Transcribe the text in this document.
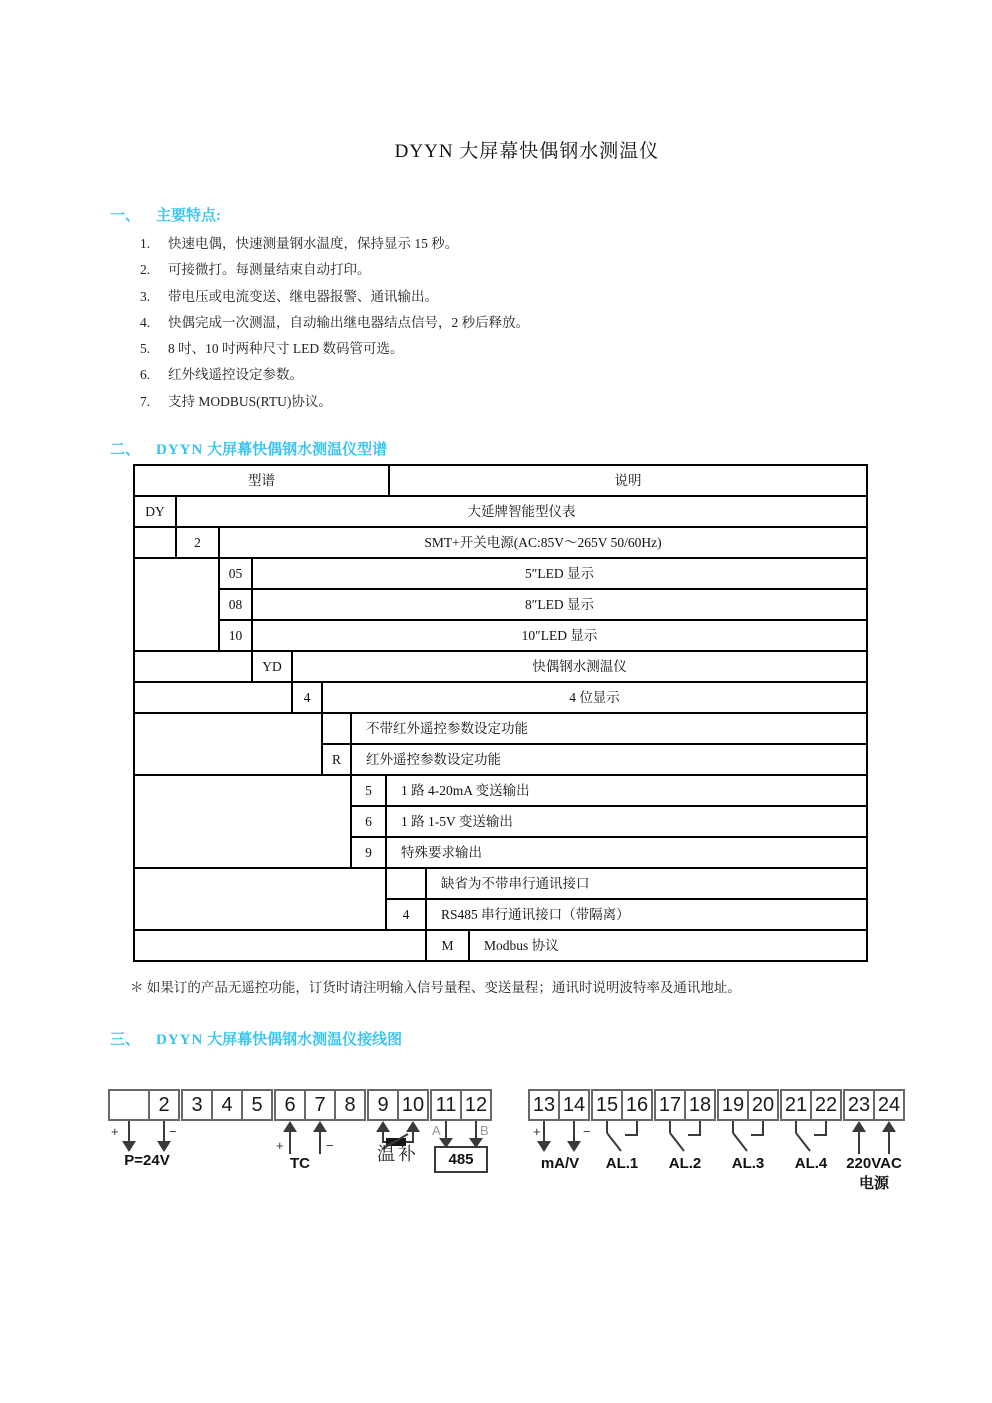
DYYN 大屏幕快偶钢水测温仪
一、 主要特点:
1.	快速电偶，快速测量钢水温度，保持显示 15 秒。
2.	可接微打。每测量结束自动打印。
3.	带电压或电流变送、继电器报警、通讯输出。
4.	快偶完成一次测温，自动输出继电器结点信号，2 秒后释放。
5.	8 吋、10 吋两种尺寸 LED 数码管可选。
6.	红外线遥控设定参数。
7.	支持 MODBUS(RTU)协议。
二、 DYYN 大屏幕快偶钢水测温仪型谱
型谱	说明
DY	大延牌智能型仪表
2	SMT+开关电源(AC:85V～265V 50/60Hz)
05	5″LED 显示
08	8″LED 显示
10	10″LED 显示
YD	快偶钢水测温仪
4	4 位显示
不带红外遥控参数设定功能
R	红外遥控参数设定功能
5	1 路 4-20mA 变送输出
6	1 路 1-5V 变送输出
9	特殊要求输出
缺省为不带串行通讯接口
4	RS485 串行通讯接口（带隔离）
M	Modbus 协议
＊ 如果订的产品无遥控功能，订货时请注明输入信号量程、变送量程；通讯时说明波特率及通讯地址。
三、 DYYN 大屏幕快偶钢水测温仪接线图
2	3 4 5	6 7 8	9 10 11 12 13 14 15 16 17 18 19 20 21 22 23 24
+	−
P=24V
+	−
TC	温补
A	B
485
+	−
mA/V AL.1 AL.2 AL.3 AL.4 220VAC
电源
